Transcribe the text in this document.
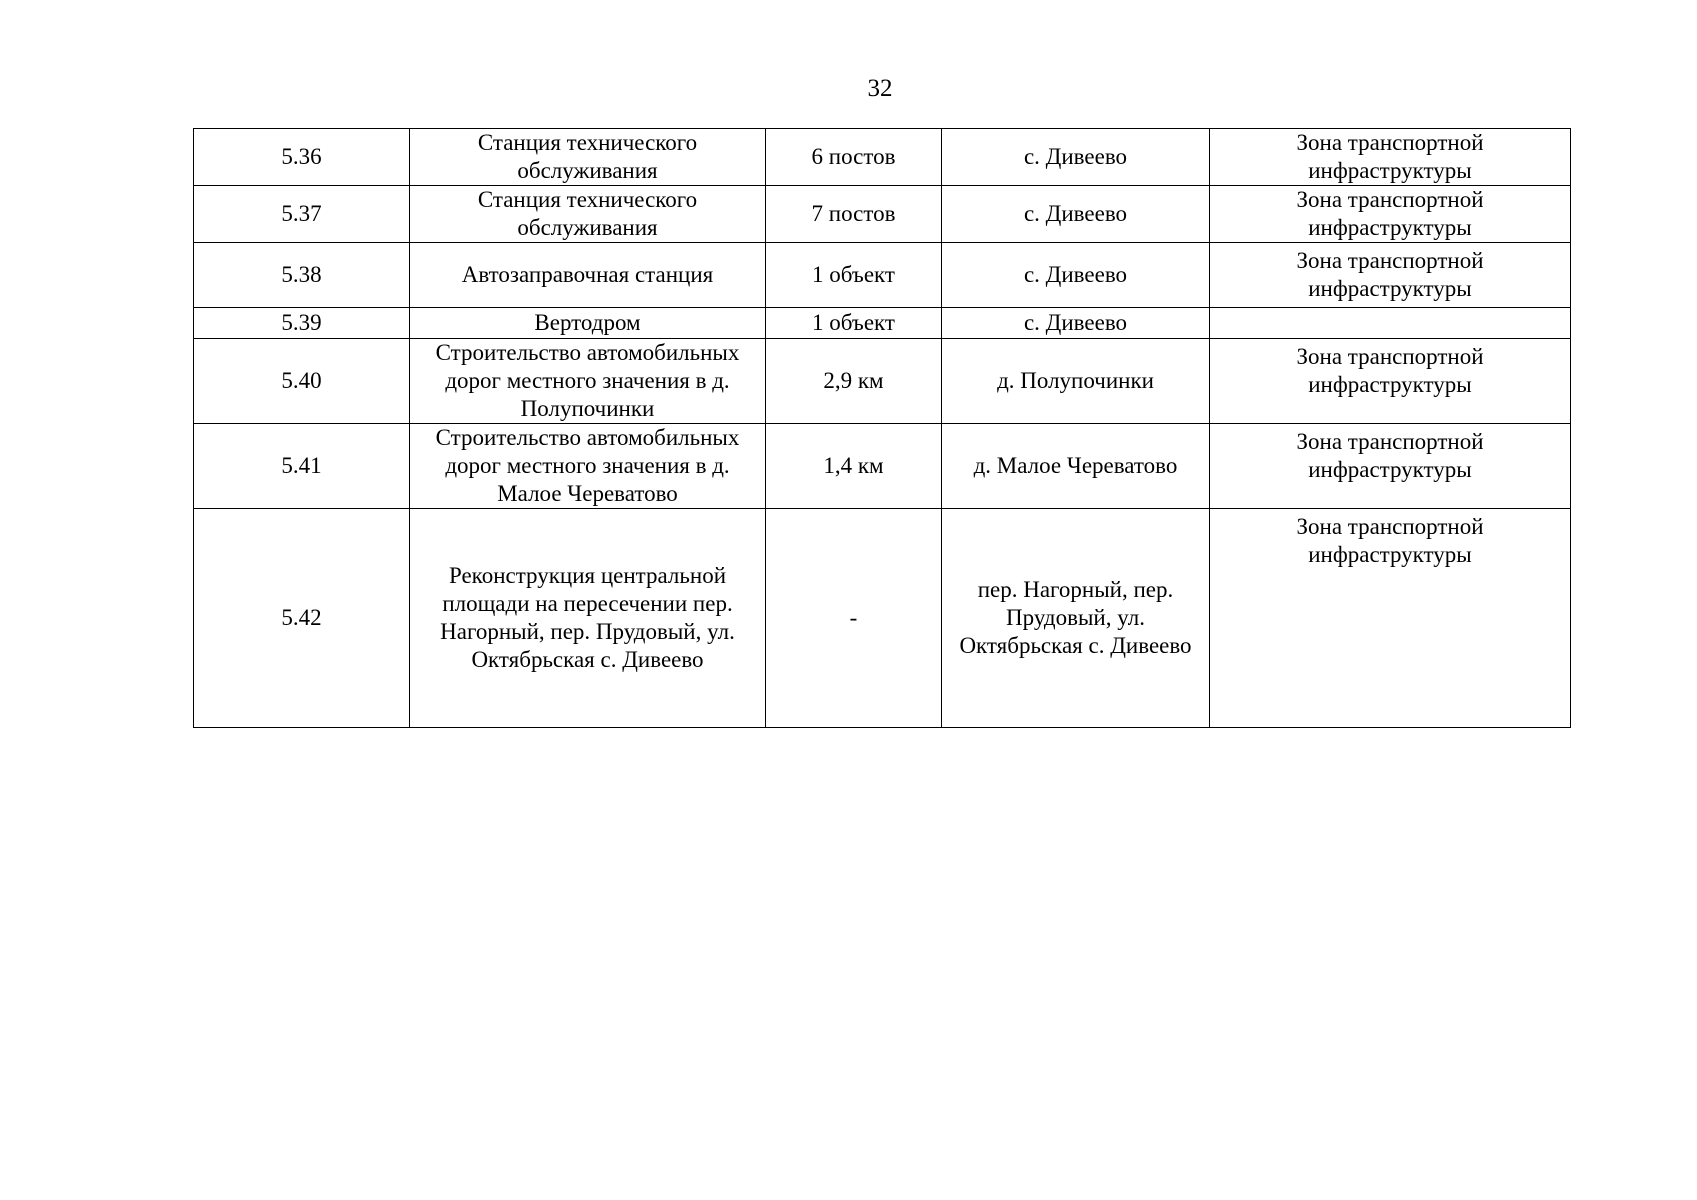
32
5.36	Станция технического обслуживания	6 постов	с. Дивеево	Зона транспортной инфраструктуры
5.37	Станция технического обслуживания	7 постов	с. Дивеево	Зона транспортной инфраструктуры
5.38	Автозаправочная станция	1 объект	с. Дивеево	Зона транспортной инфраструктуры
5.39	Вертодром	1 объект	с. Дивеево	
5.40	Строительство автомобильных дорог местного значения в д. Полупочинки	2,9 км	д. Полупочинки	Зона транспортной инфраструктуры
5.41	Строительство автомобильных дорог местного значения в д. Малое Череватово	1,4 км	д. Малое Череватово	Зона транспортной инфраструктуры
5.42	Реконструкция центральной площади на пересечении пер. Нагорный, пер. Прудовый, ул. Октябрьская с. Дивеево	-	пер. Нагорный, пер. Прудовый, ул. Октябрьская с. Дивеево	Зона транспортной инфраструктуры
